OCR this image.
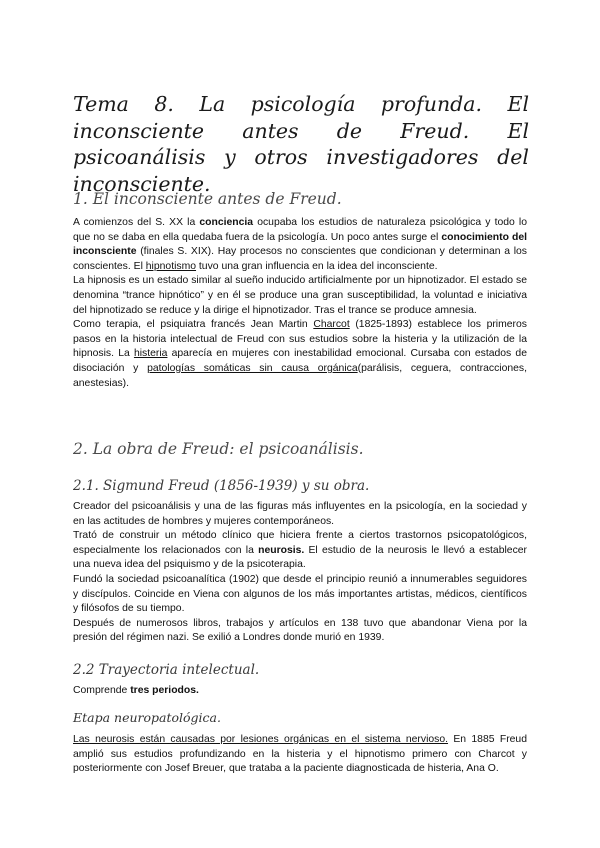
Tema 8. La psicología profunda. El inconsciente antes de Freud. El psicoanálisis y otros investigadores del inconsciente.
1. El inconsciente antes de Freud.

A comienzos del S. XX la conciencia ocupaba los estudios de naturaleza psicológica y todo lo que no se daba en ella quedaba fuera de la psicología. Un poco antes surge el conocimiento del inconsciente (finales S. XIX). Hay procesos no conscientes que condicionan y determinan a los conscientes. El hipnotismo tuvo una gran influencia en la idea del inconsciente.

La hipnosis es un estado similar al sueño inducido artificialmente por un hipnotizador. El estado se denomina “trance hipnótico” y en él se produce una gran susceptibilidad, la voluntad e iniciativa del hipnotizado se reduce y la dirige el hipnotizador. Tras el trance se produce amnesia.

Como terapia, el psiquiatra francés Jean Martin Charcot (1825-1893) establece los primeros pasos en la historia intelectual de Freud con sus estudios sobre la histeria y la utilización de la hipnosis. La histeria aparecía en mujeres con inestabilidad emocional. Cursaba con estados de disociación y patologías somáticas sin causa orgánica(parálisis, ceguera, contracciones, anestesias).

2. La obra de Freud: el psicoanálisis.
2.1. Sigmund Freud (1856-1939) y su obra.

Creador del psicoanálisis y una de las figuras más influyentes en la psicología, en la sociedad y en las actitudes de hombres y mujeres contemporáneos.

Trató de construir un método clínico que hiciera frente a ciertos trastornos psicopatológicos, especialmente los relacionados con la neurosis. El estudio de la neurosis le llevó a establecer una nueva idea del psiquismo y de la psicoterapia.

Fundó la sociedad psicoanalítica (1902) que desde el principio reunió a innumerables seguidores y discípulos. Coincide en Viena con algunos de los más importantes artistas, médicos, científicos y filósofos de su tiempo.

Después de numerosos libros, trabajos y artículos en 138 tuvo que abandonar Viena por la presión del régimen nazi. Se exilió a Londres donde murió en 1939.

2.2 Trayectoria intelectual.

Comprende tres periodos.

Etapa neuropatológica.

Las neurosis están causadas por lesiones orgánicas en el sistema nervioso. En 1885 Freud amplió sus estudios profundizando en la histeria y el hipnotismo primero con Charcot y posteriormente con Josef Breuer, que trataba a la paciente diagnosticada de histeria, Ana O.
